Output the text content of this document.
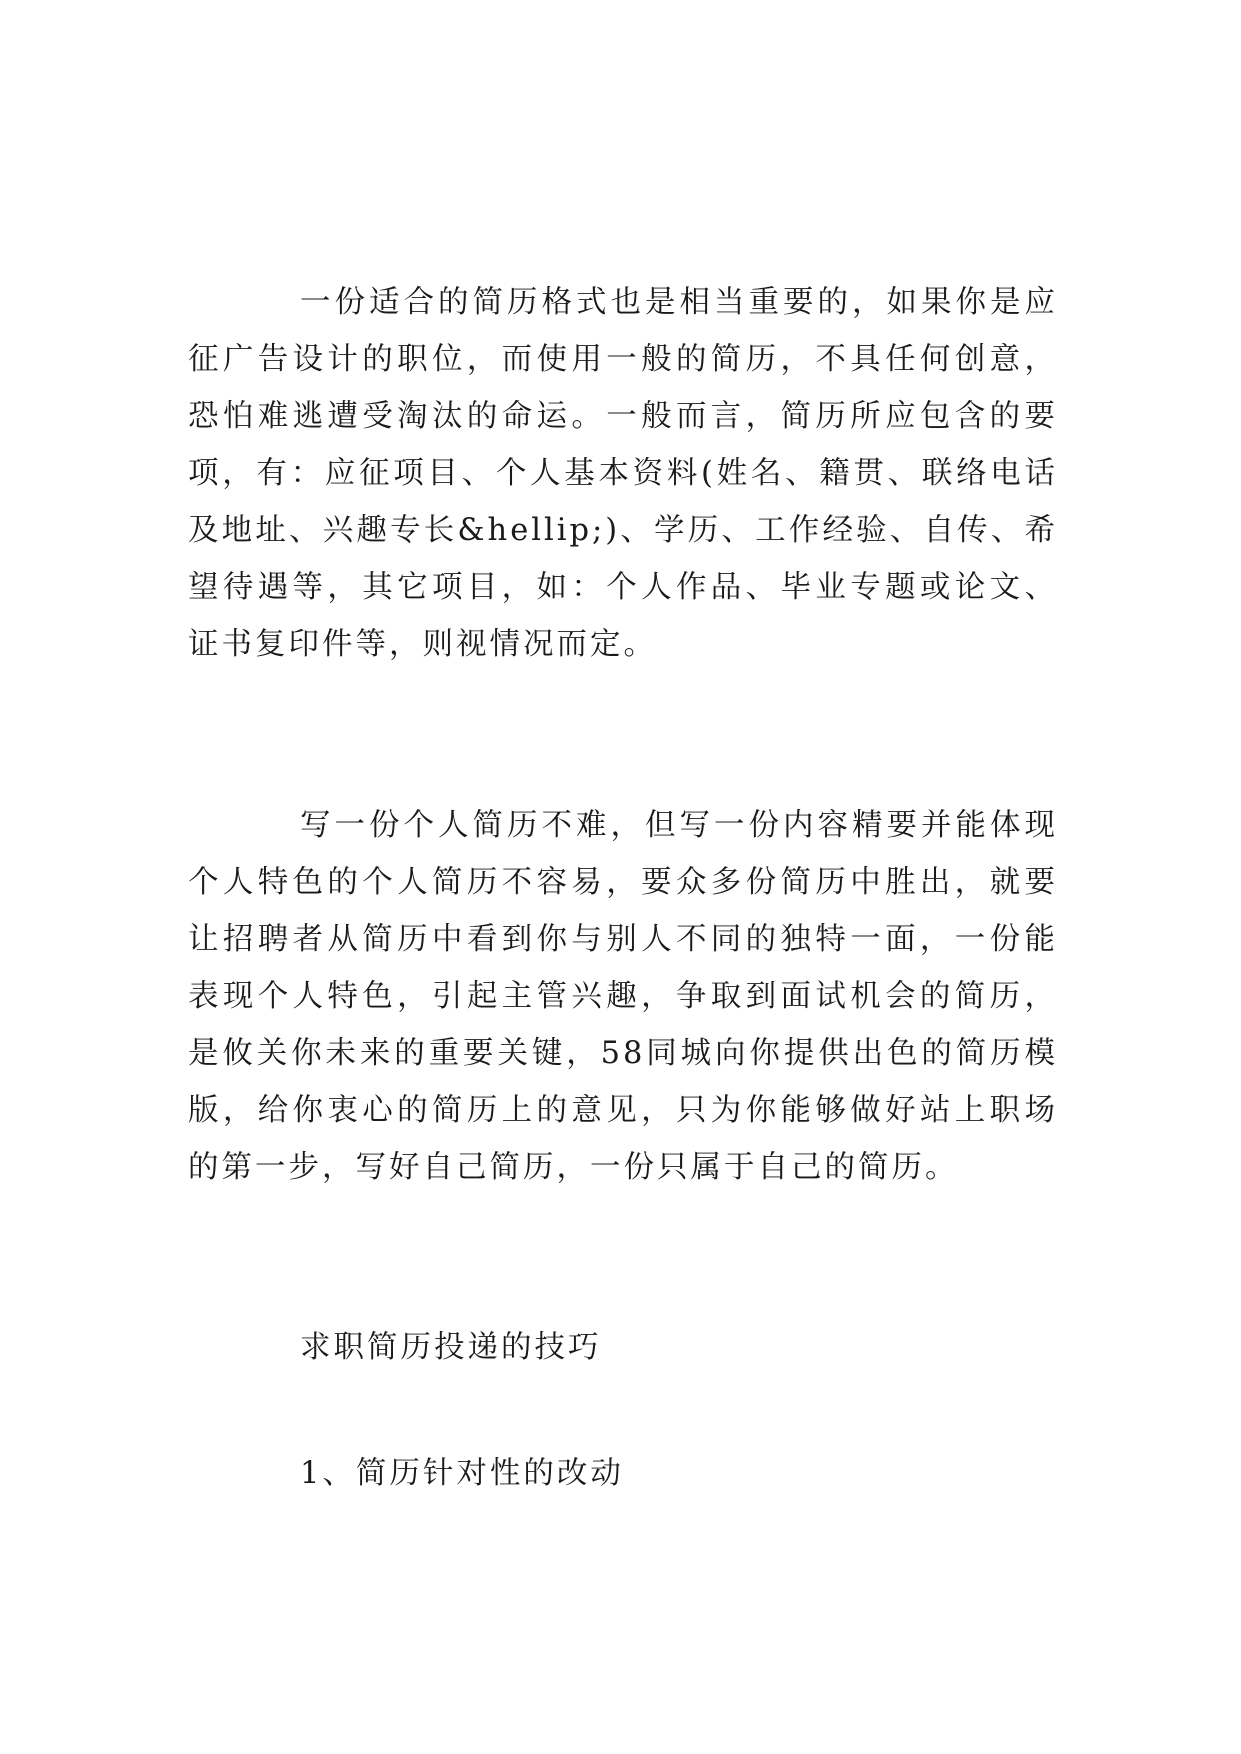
一份适合的简历格式也是相当重要的，如果你是应征广告设计的职位，而使用一般的简历，不具任何创意，恐怕难逃遭受淘汰的命运。一般而言，简历所应包含的要项，有：应征项目、个人基本资料(姓名、籍贯、联络电话及地址、兴趣专长&hellip;)、学历、工作经验、自传、希望待遇等，其它项目，如：个人作品、毕业专题或论文、证书复印件等，则视情况而定。

写一份个人简历不难，但写一份内容精要并能体现个人特色的个人简历不容易，要众多份简历中胜出，就要让招聘者从简历中看到你与别人不同的独特一面，一份能表现个人特色，引起主管兴趣，争取到面试机会的简历，是攸关你未来的重要关键，58同城向你提供出色的简历模版，给你衷心的简历上的意见，只为你能够做好站上职场的第一步，写好自己简历，一份只属于自己的简历。

求职简历投递的技巧
1、简历针对性的改动
